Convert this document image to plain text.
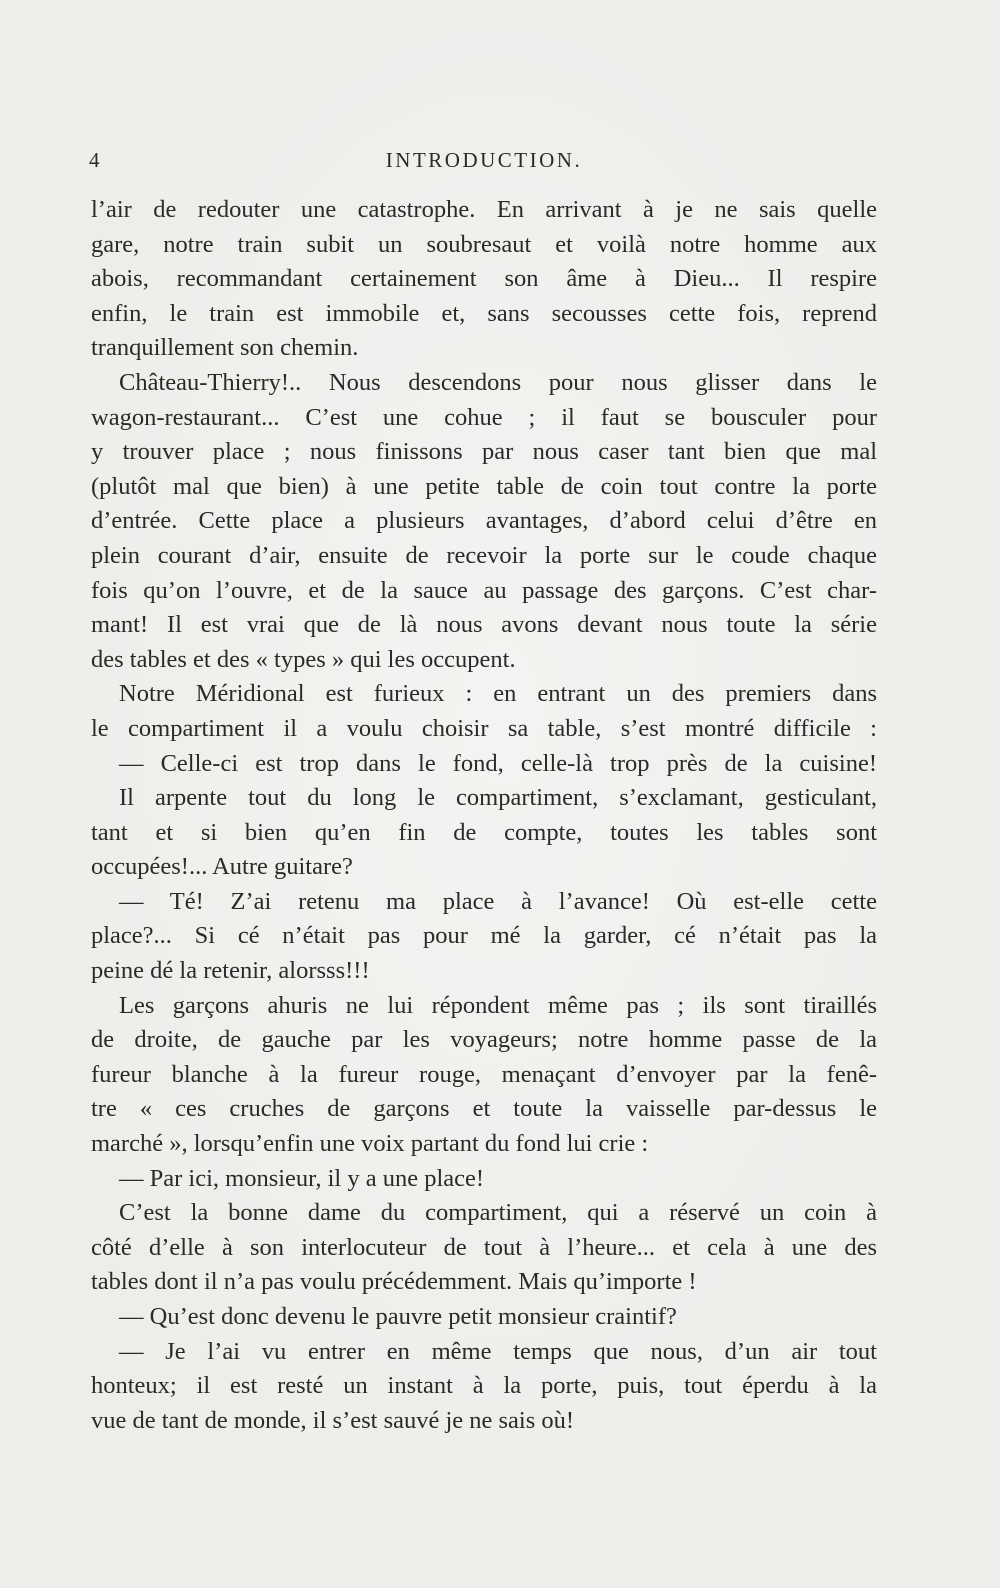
4	INTRODUCTION.
l’air de redouter une catastrophe. En arrivant à je ne sais quelle
gare, notre train subit un soubresaut et voilà notre homme aux
abois, recommandant certainement son âme à Dieu... Il respire
enfin, le train est immobile et, sans secousses cette fois, reprend
tranquillement son chemin.
Château-Thierry!.. Nous descendons pour nous glisser dans le
wagon-restaurant... C’est une cohue ; il faut se bousculer pour
y trouver place ; nous finissons par nous caser tant bien que mal
(plutôt mal que bien) à une petite table de coin tout contre la porte
d’entrée. Cette place a plusieurs avantages, d’abord celui d’être en
plein courant d’air, ensuite de recevoir la porte sur le coude chaque
fois qu’on l’ouvre, et de la sauce au passage des garçons. C’est char-
mant! Il est vrai que de là nous avons devant nous toute la série
des tables et des « types » qui les occupent.
Notre Méridional est furieux : en entrant un des premiers dans
le compartiment il a voulu choisir sa table, s’est montré difficile :
— Celle-ci est trop dans le fond, celle-là trop près de la cuisine!
Il arpente tout du long le compartiment, s’exclamant, gesticulant,
tant et si bien qu’en fin de compte, toutes les tables sont
occupées!... Autre guitare?
— Té! Z’ai retenu ma place à l’avance! Où est-elle cette
place?... Si cé n’était pas pour mé la garder, cé n’était pas la
peine dé la retenir, alorsss!!!
Les garçons ahuris ne lui répondent même pas ; ils sont tiraillés
de droite, de gauche par les voyageurs; notre homme passe de la
fureur blanche à la fureur rouge, menaçant d’envoyer par la fenê-
tre « ces cruches de garçons et toute la vaisselle par-dessus le
marché », lorsqu’enfin une voix partant du fond lui crie :
— Par ici, monsieur, il y a une place!
C’est la bonne dame du compartiment, qui a réservé un coin à
côté d’elle à son interlocuteur de tout à l’heure... et cela à une des
tables dont il n’a pas voulu précédemment. Mais qu’importe !
— Qu’est donc devenu le pauvre petit monsieur craintif?
— Je l’ai vu entrer en même temps que nous, d’un air tout
honteux; il est resté un instant à la porte, puis, tout éperdu à la
vue de tant de monde, il s’est sauvé je ne sais où!
